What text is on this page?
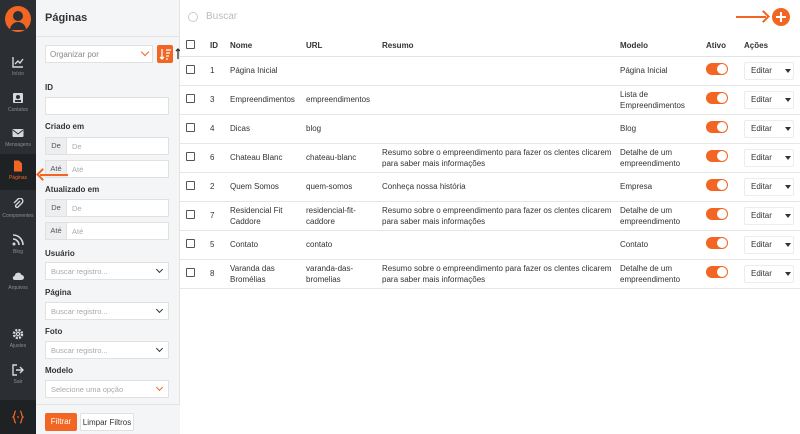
Início
Contatos
Mensagens
Páginas
Componentes
Blog
Arquivos
Ajustes
Sair
Páginas
Organizar por
ID
Criado em
De	De
Até	Até
Atualizado em
De	De
Até	Até
Usuário
Buscar registro...
Página
Buscar registro...
Foto
Buscar registro...
Modelo
Selecione uma opção
Filtrar	Limpar Filtros
Buscar
	ID	Nome	URL	Resumo	Modelo	Ativo	Ações
	1	Página Inicial			Página Inicial		Editar

	3	Empreendimentos	empreendimentos		Lista de Empreendimentos		Editar

	4	Dicas	blog		Blog		Editar

	6	Chateau Blanc	chateau-blanc	Resumo sobre o empreendimento para fazer os clentes clicarem para saber mais informações	Detalhe de um empreendimento		Editar

	2	Quem Somos	quem-somos	Conheça nossa história	Empresa		Editar

	7	Residencial Fit Caddore	residencial-fit-caddore	Resumo sobre o empreendimento para fazer os clentes clicarem para saber mais informações	Detalhe de um empreendimento		Editar

	5	Contato	contato		Contato		Editar

	8	Varanda das Bromélias	varanda-das-bromelias	Resumo sobre o empreendimento para fazer os clentes clicarem para saber mais informações	Detalhe de um empreendimento		Editar
